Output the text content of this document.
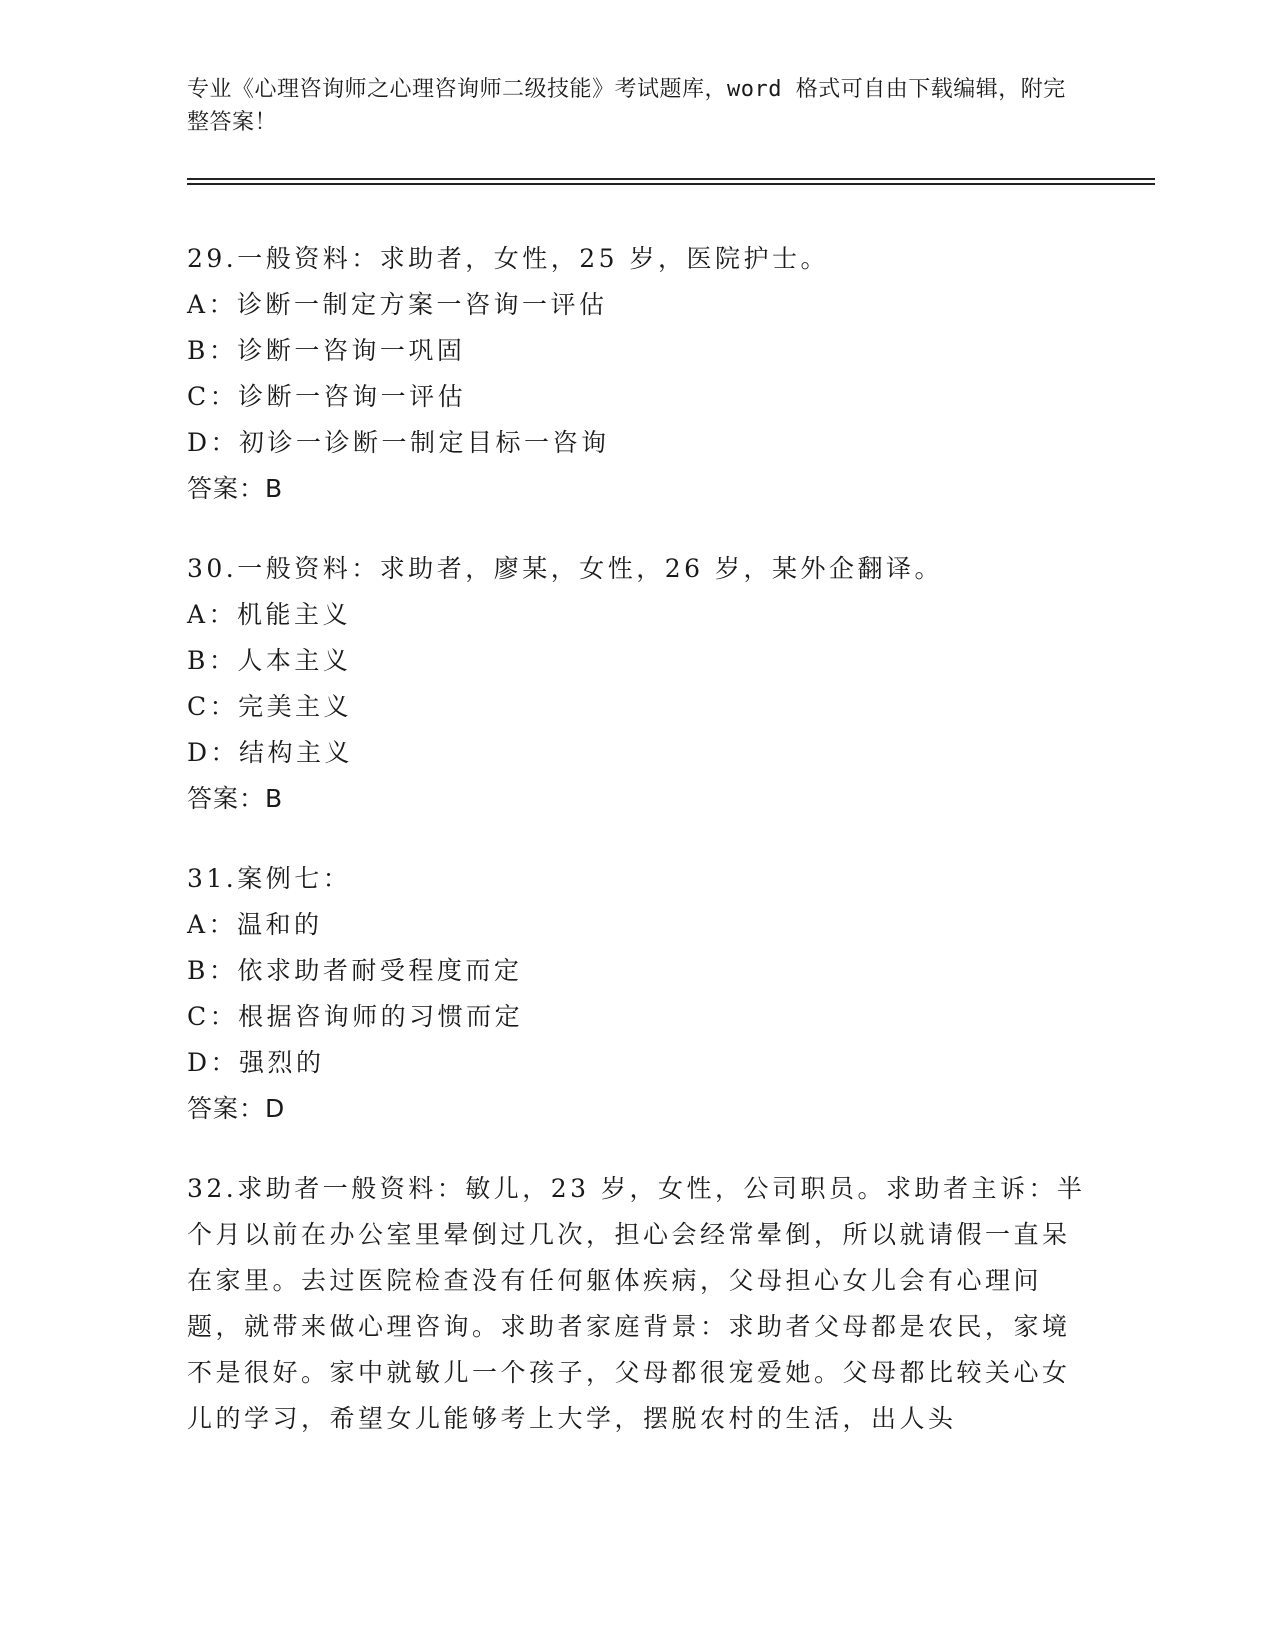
专业《心理咨询师之心理咨询师二级技能》考试题库，word 格式可自由下载编辑，附完整答案！
29.一般资料：求助者，女性，25 岁，医院护士。
A：诊断一制定方案一咨询一评估
B：诊断一咨询一巩固
C：诊断一咨询一评估
D：初诊一诊断一制定目标一咨询
答案：B
30.一般资料：求助者，廖某，女性，26 岁，某外企翻译。
A：机能主义
B：人本主义
C：完美主义
D：结构主义
答案：B
31.案例七：
A：温和的
B：依求助者耐受程度而定
C：根据咨询师的习惯而定
D：强烈的
答案：D
32.求助者一般资料：敏儿，23 岁，女性，公司职员。求助者主诉：半个月以前在办公室里晕倒过几次，担心会经常晕倒，所以就请假一直呆在家里。去过医院检查没有任何躯体疾病，父母担心女儿会有心理问题，就带来做心理咨询。求助者家庭背景：求助者父母都是农民，家境不是很好。家中就敏儿一个孩子，父母都很宠爱她。父母都比较关心女儿的学习，希望女儿能够考上大学，摆脱农村的生活，出人头
